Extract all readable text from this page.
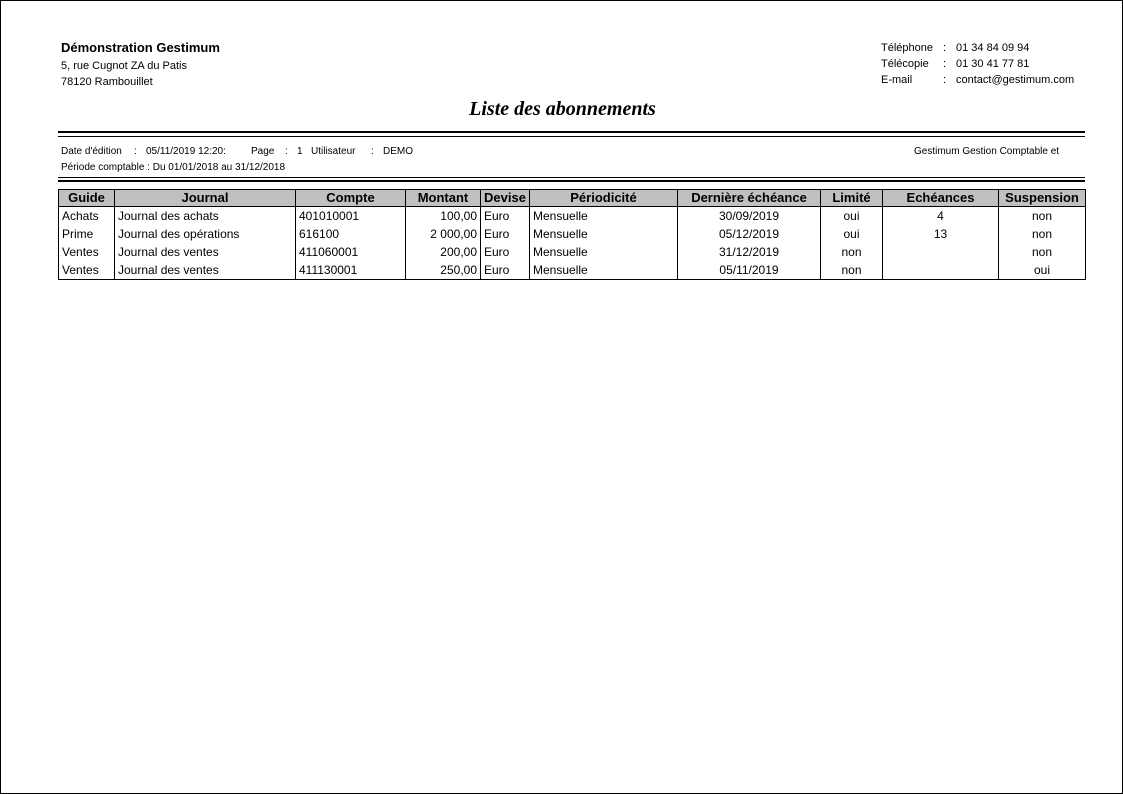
Démonstration Gestimum
5, rue Cugnot ZA du Patis
78120 Rambouillet
Téléphone : 01 34 84 09 94
Télécopie : 01 30 41 77 81
E-mail	: contact@gestimum.com
Liste des abonnements
Date d'édition : 05/11/2019 12:20:	Page : 1 Utilisateur : DEMO
Période comptable : Du 01/01/2018 au 31/12/2018
Gestimum Gestion Comptable et
Guide	Journal	Compte	Montant	Devise	Périodicité	Dernière échéance	Limité	Echéances	Suspension
Achats	Journal des achats	401010001	100,00	Euro	Mensuelle	30/09/2019	oui	4	non
Prime	Journal des opérations	616100	2 000,00	Euro	Mensuelle	05/12/2019	oui	13	non
Ventes	Journal des ventes	411060001	200,00	Euro	Mensuelle	31/12/2019	non		non
Ventes	Journal des ventes	411130001	250,00	Euro	Mensuelle	05/11/2019	non		oui
